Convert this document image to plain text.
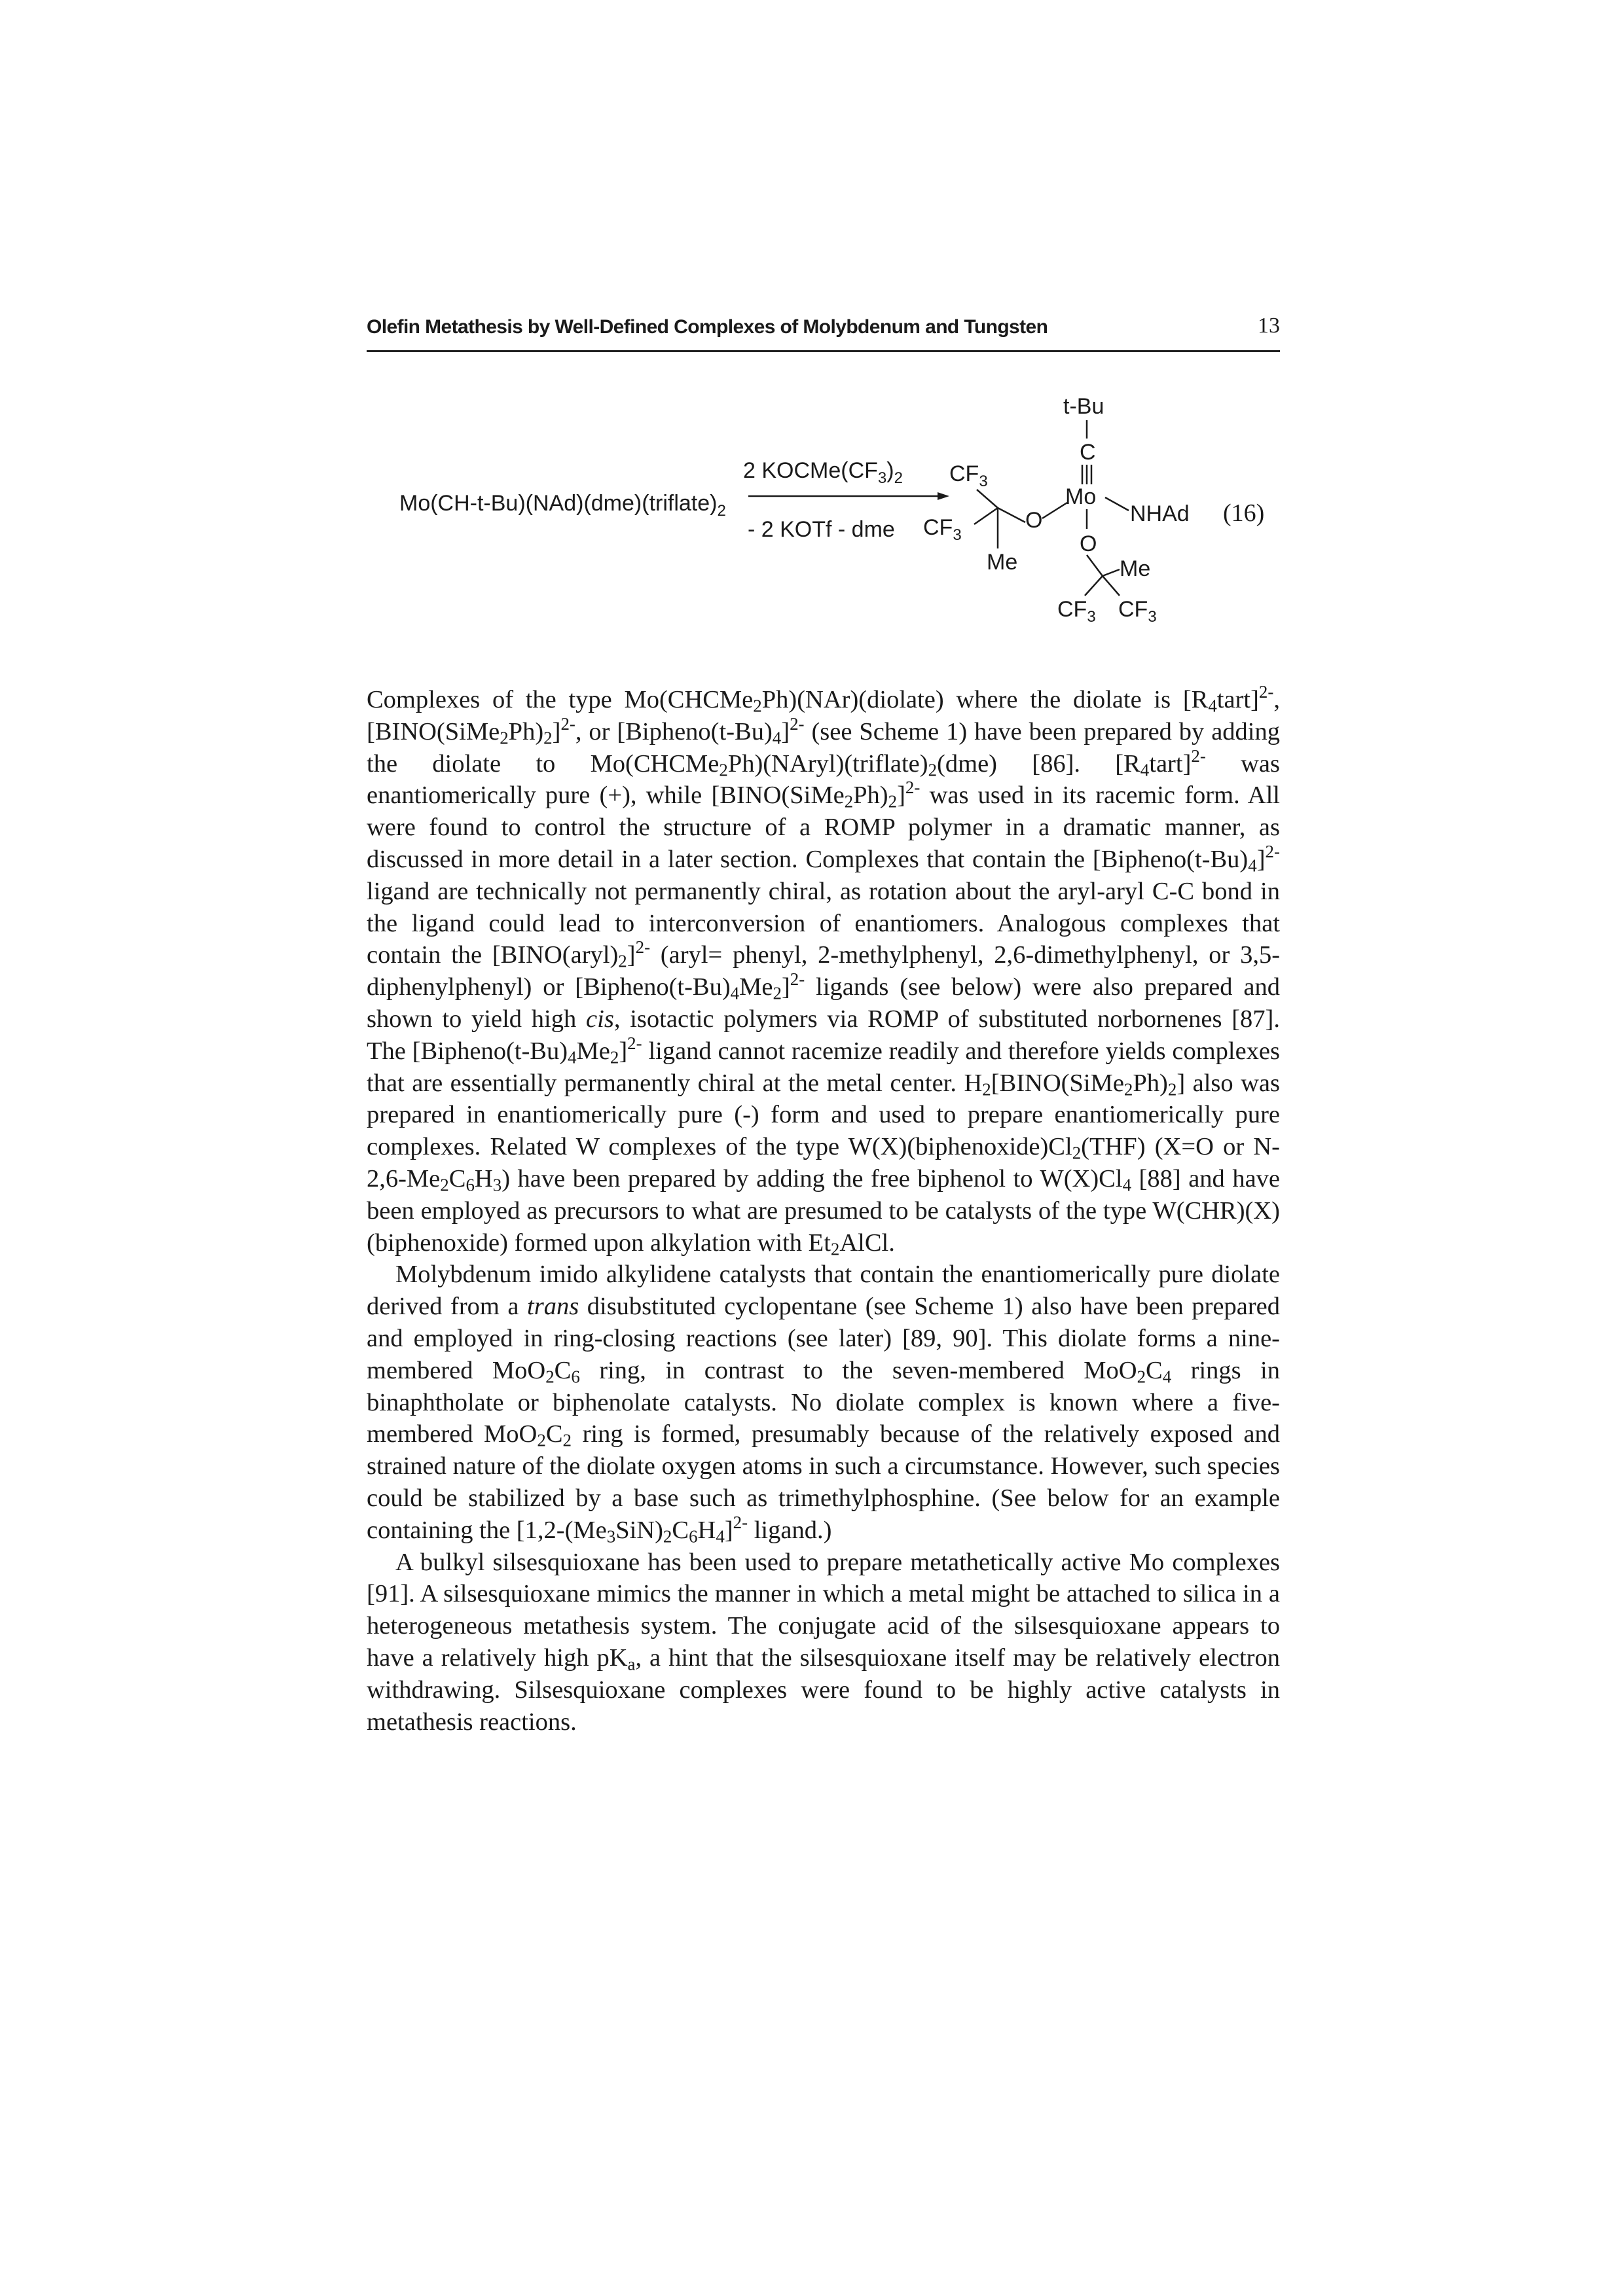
Olefin Metathesis by Well-Defined Complexes of Molybdenum and Tungsten	13
$Mo(CH-t-Bu)(NAd)(dme)(triflate)_2$
2 $KOCMe(CF_3)_2$
- 2 KOTf - dme
$CF_3$
$CF_3$
Me
O
Mo
t-Bu
C
NHAd
O
Me
$CF_3$ $CF_3$
(16)

Complexes of the type Mo(CHCMe2Ph)(NAr)(diolate) where the diolate is [R4tart]$^{2-}$, [BINO(SiMe2Ph)2]$^{2-}$, or [Bipheno(t-Bu)4]$^{2-}$ (see Scheme 1) have been prepared by adding the diolate to Mo(CHCMe2Ph)(NAryl)(triflate)2(dme) [86]. [R4tart]$^{2-}$ was enantiomerically pure (+), while [BINO(SiMe2Ph)2]$^{2-}$ was used in its racemic form. All were found to control the structure of a ROMP polymer in a dramatic manner, as discussed in more detail in a later section. Complexes that contain the [Bipheno(t-Bu)4]$^{2-}$ ligand are technically not permanently chiral, as rotation about the aryl-aryl C-C bond in the ligand could lead to interconversion of enantiomers. Analogous complexes that contain the [BINO(aryl)2]$^{2-}$ (aryl= phenyl, 2-methylphenyl, 2,6-dimethylphenyl, or 3,5-diphenylphenyl) or [Bipheno(t-Bu)4Me2]$^{2-}$ ligands (see below) were also prepared and shown to yield high cis, isotactic polymers via ROMP of substituted norbornenes [87]. The [Bipheno(t-Bu)4Me2]$^{2-}$ ligand cannot racemize readily and therefore yields complexes that are essentially permanently chiral at the metal center. H2[BINO(SiMe2Ph)2] also was prepared in enantiomerically pure (-) form and used to prepare enantiomerically pure complexes. Related W complexes of the type W(X)(biphenoxide)Cl2(THF) (X=O or N-2,6-Me2C6H3) have been prepared by adding the free biphenol to W(X)Cl4 [88] and have been employed as precursors to what are presumed to be catalysts of the type W(CHR)(X)(biphenoxide) formed upon alkylation with Et2AlCl.

Molybdenum imido alkylidene catalysts that contain the enantiomerically pure diolate derived from a trans disubstituted cyclopentane (see Scheme 1) also have been prepared and employed in ring-closing reactions (see later) [89, 90]. This diolate forms a nine-membered MoO2C6 ring, in contrast to the seven-membered MoO2C4 rings in binaphtholate or biphenolate catalysts. No diolate complex is known where a five-membered MoO2C2 ring is formed, presumably because of the relatively exposed and strained nature of the diolate oxygen atoms in such a circumstance. However, such species could be stabilized by a base such as trimethylphosphine. (See below for an example containing the $[1,2-(Me3SiN)2C6H4]^{2-}$ ligand.)

A bulkyl silsesquioxane has been used to prepare metathetically active Mo complexes [91]. A silsesquioxane mimics the manner in which a metal might be attached to silica in a heterogeneous metathesis system. The conjugate acid of the silsesquioxane appears to have a relatively high pKa, a hint that the silsesquioxane itself may be relatively electron withdrawing. Silsesquioxane complexes were found to be highly active catalysts in metathesis reactions.
